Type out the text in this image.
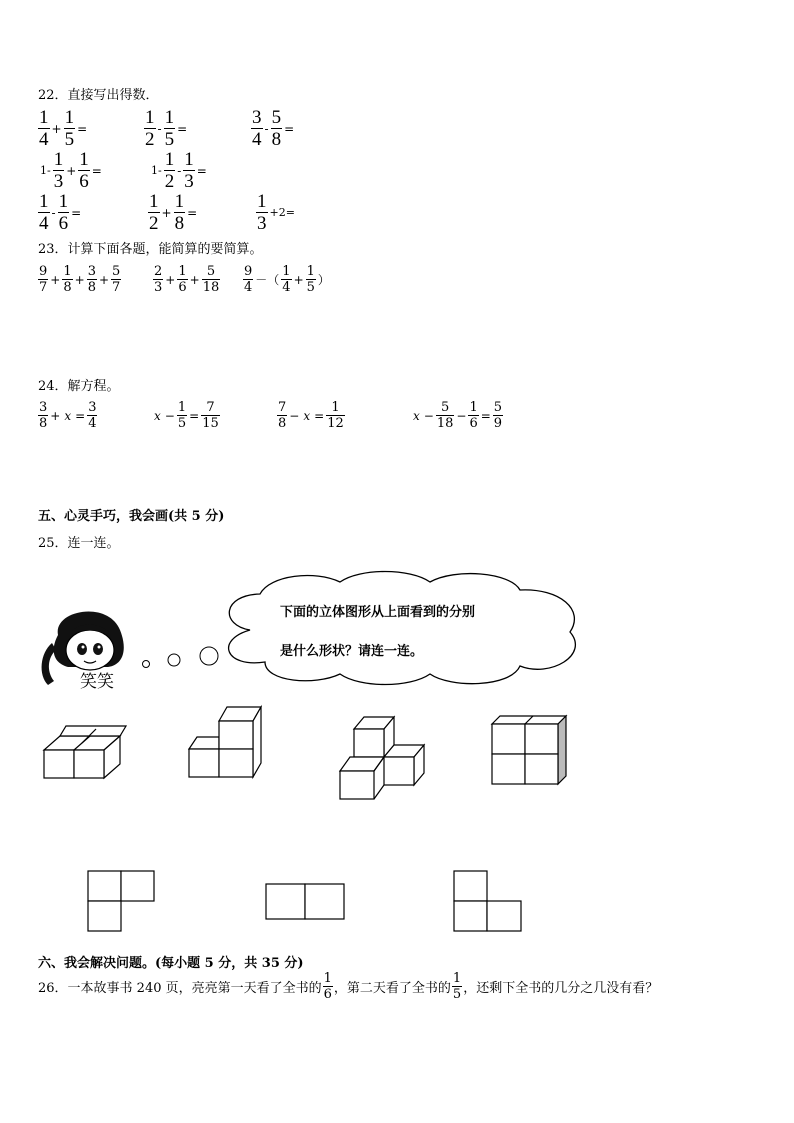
22．直接写出得数．
$\frac{1}{4} + \frac{1}{5}$ =	$\frac{1}{2} - \frac{1}{5}$ =	$\frac{3}{4} - \frac{5}{8}$ =
$1- \frac{1}{3} + \frac{1}{6}$ =	$1- \frac{1}{2} - \frac{1}{3}$ =
$\frac{1}{4} - \frac{1}{6}$ =	$\frac{1}{2} + \frac{1}{8}$ =	$\frac{1}{3} +2=$
23．计算下面各题，能简算的要简算。
$\frac{9}{7} + \frac{1}{8} + \frac{3}{8} + \frac{5}{7} \frac{2}{3} + \frac{1}{6} + \frac{5}{18} \frac{9}{4}$ －（ $\frac{1}{4} + \frac{1}{5}$ ）
24．解方程。
$\frac{3}{8} + x = \frac{3}{4}$	$x - \frac{1}{5} = \frac{7}{15}$	$\frac{7}{8} - x = \frac{1}{12}$	$x - \frac{5}{18} - \frac{1}{6} = \frac{5}{9}$
五、心灵手巧，我会画(共 5 分)
25．连一连。
下面的立体图形从上面看到的分别
是什么形状？请连一连。
笑笑
六、我会解决问题。(每小题 5 分，共 35 分)
26．一本故事书 240 页，亮亮第一天看了全书的 $\frac{1}{6}$ ，第二天看了全书的 $\frac{1}{5}$ ，还剩下全书的几分之几没有看？
